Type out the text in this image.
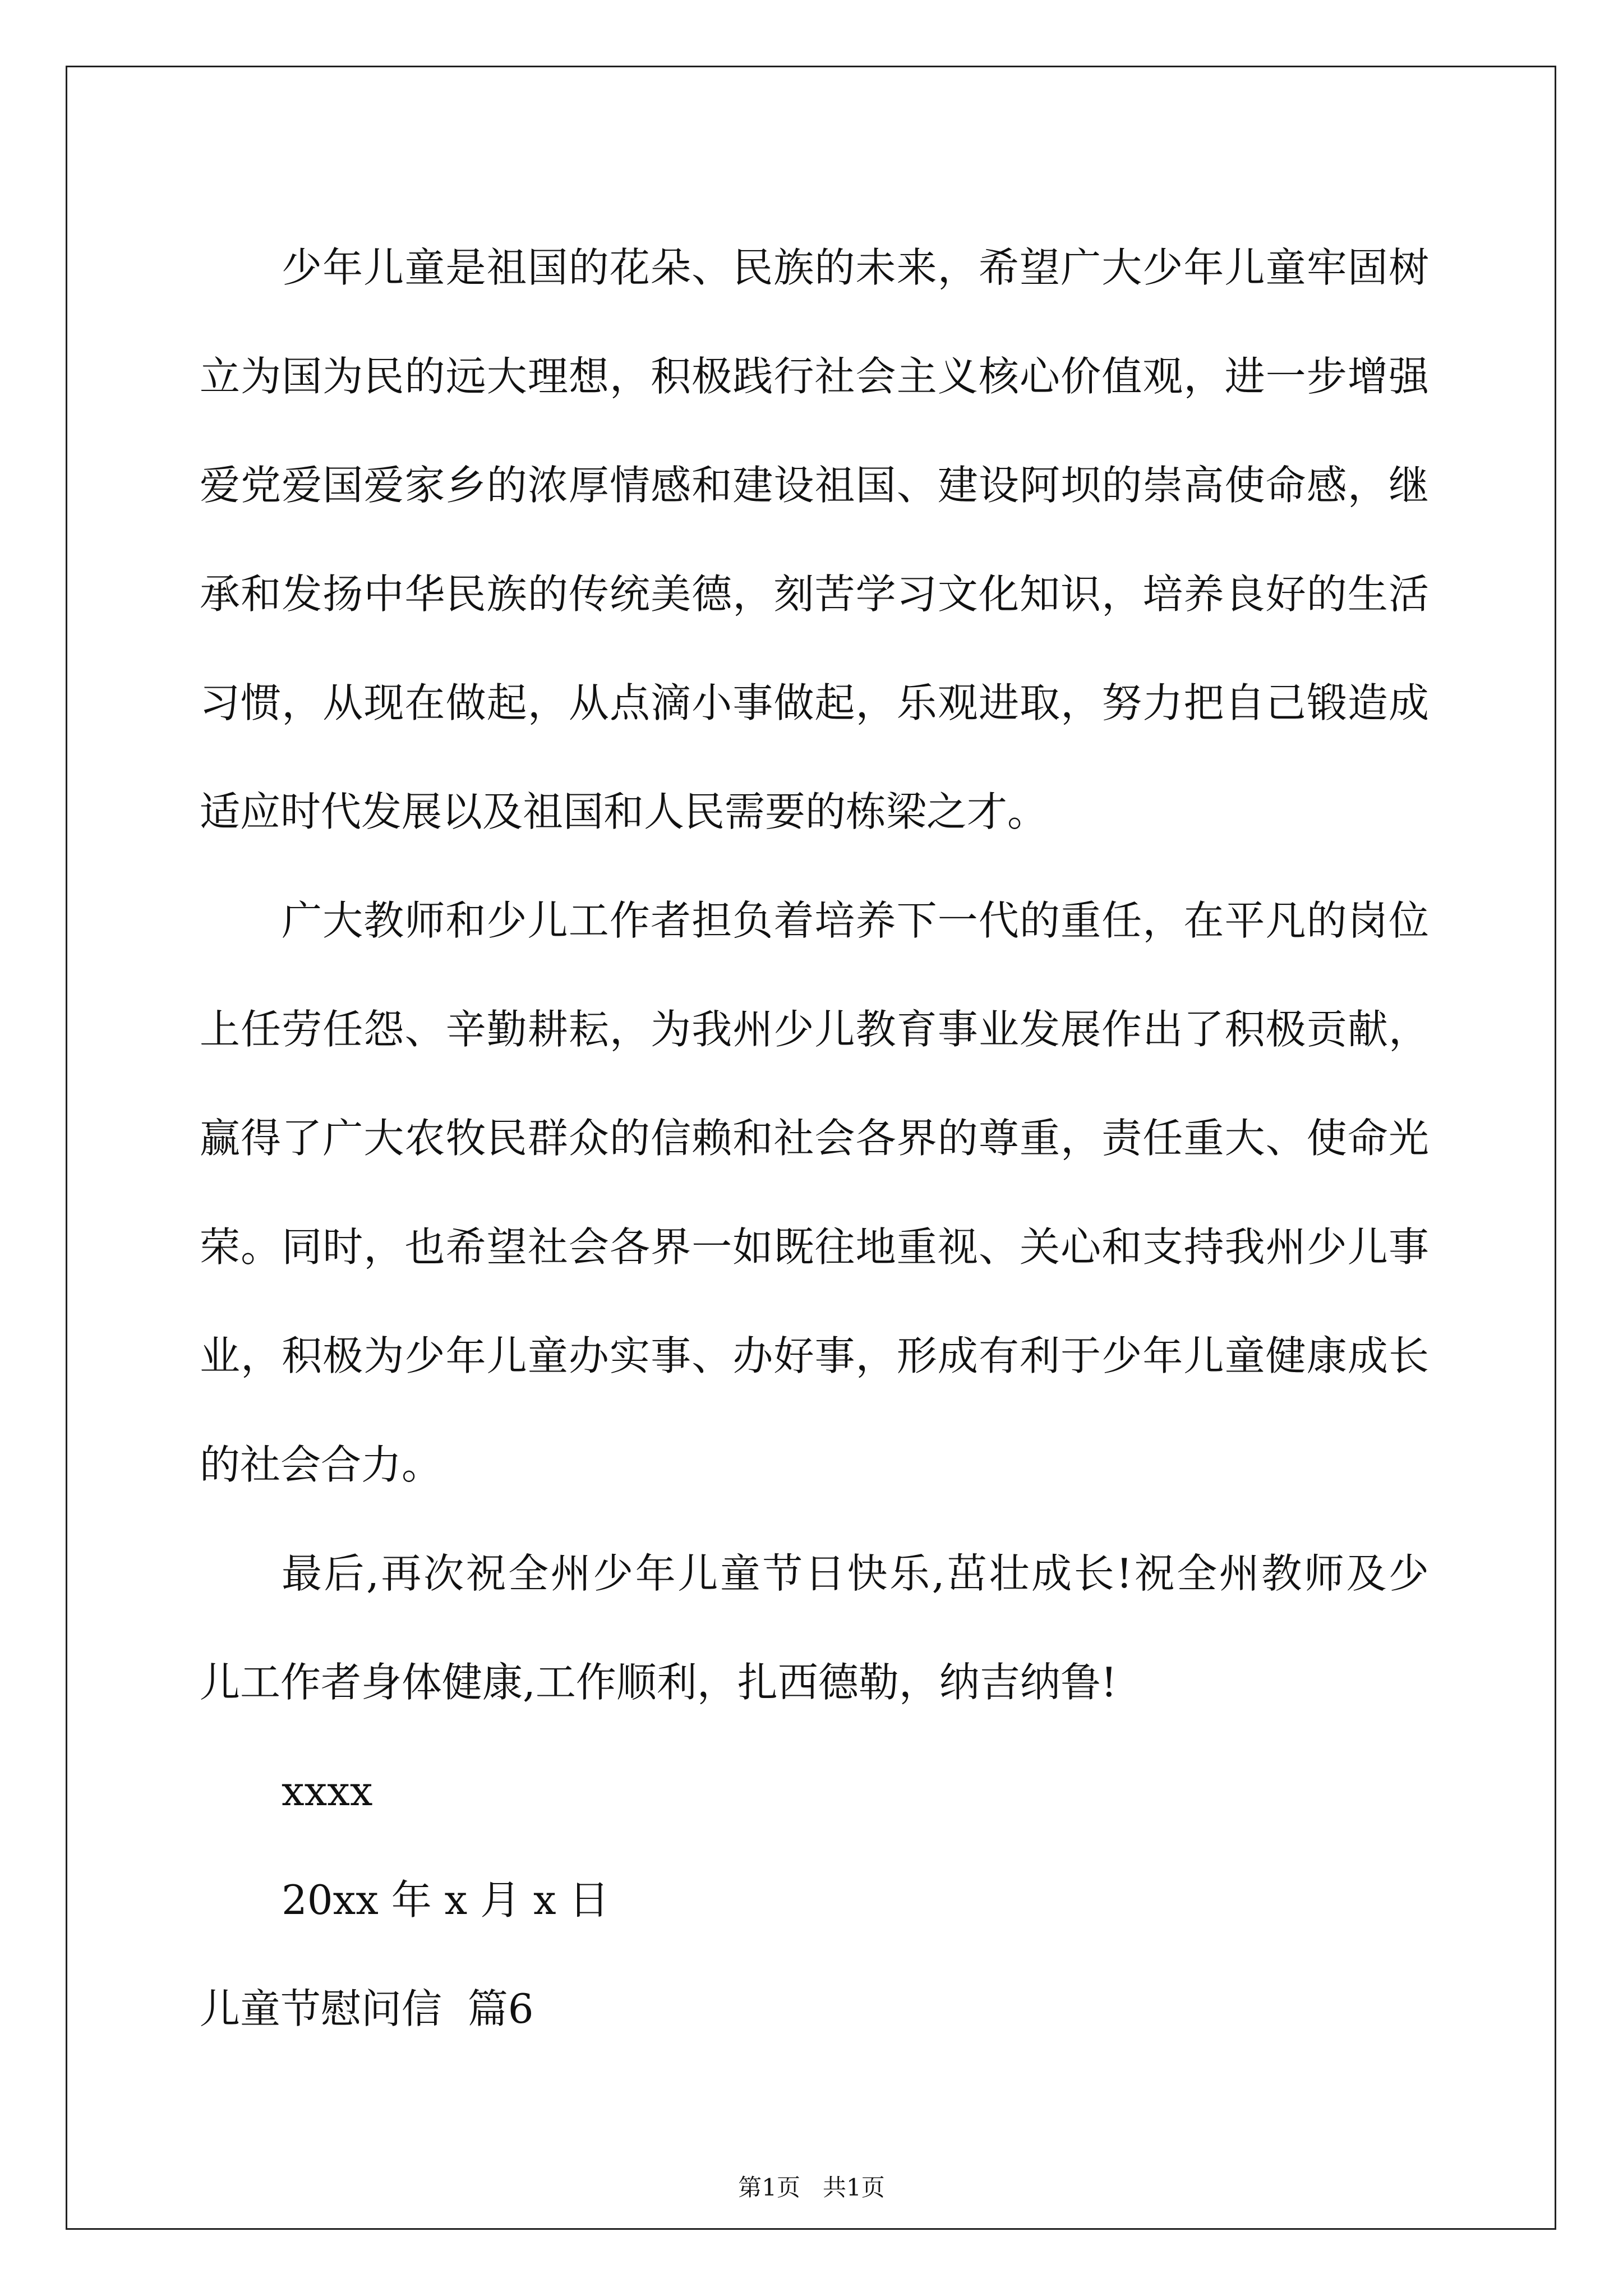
少年儿童是祖国的花朵、民族的未来，希望广大少年儿童牢固树
立为国为民的远大理想，积极践行社会主义核心价值观，进一步增强
爱党爱国爱家乡的浓厚情感和建设祖国、建设阿坝的崇高使命感，继
承和发扬中华民族的传统美德，刻苦学习文化知识，培养良好的生活
习惯，从现在做起，从点滴小事做起，乐观进取，努力把自己锻造成
适应时代发展以及祖国和人民需要的栋梁之才。
广大教师和少儿工作者担负着培养下一代的重任，在平凡的岗位
上任劳任怨、辛勤耕耘，为我州少儿教育事业发展作出了积极贡献，
赢得了广大农牧民群众的信赖和社会各界的尊重，责任重大、使命光
荣。同时，也希望社会各界一如既往地重视、关心和支持我州少儿事
业，积极为少年儿童办实事、办好事，形成有利于少年儿童健康成长
的社会合力。
最后,再次祝全州少年儿童节日快乐,茁壮成长!祝全州教师及少
儿工作者身体健康,工作顺利，扎西德勒，纳吉纳鲁!
xxxx
20xx 年 x 月 x 日
儿童节慰问信  篇6
第1页   共1页
